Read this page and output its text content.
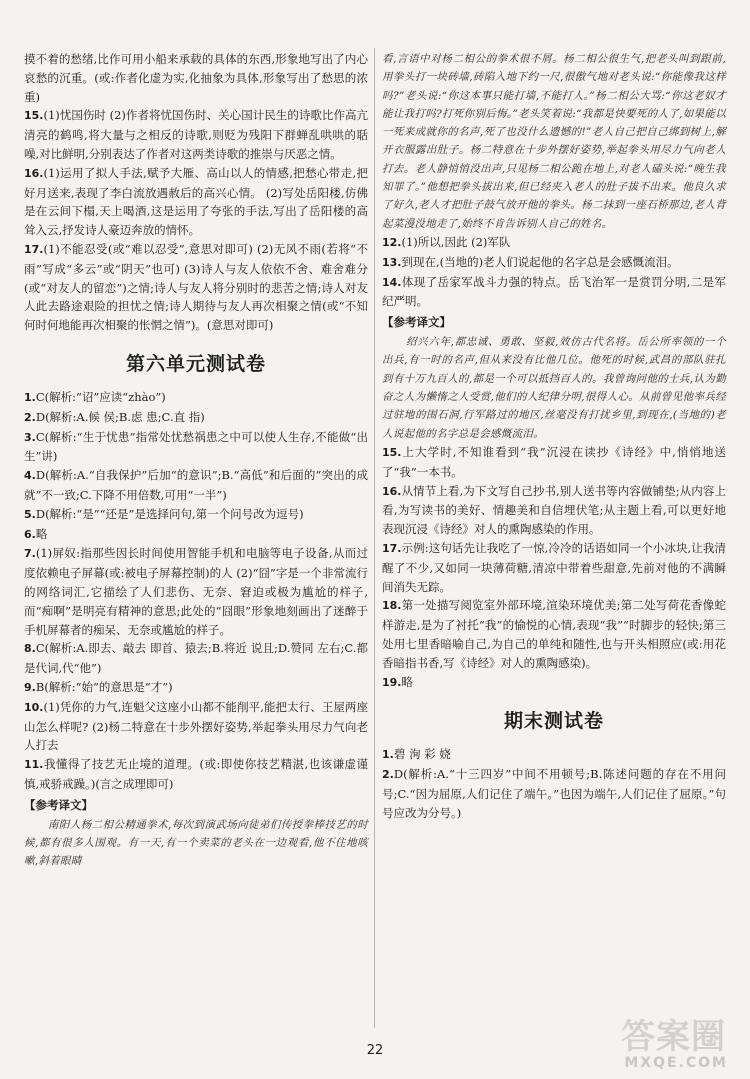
摸不着的愁绪,比作可用小船来承载的具体的东西,形象地写出了内心哀愁的沉重。(或:作者化虚为实,化抽象为具体,形象写出了愁思的浓重)

15.(1)忧国伤时 (2)作者将忧国伤时、关心国计民生的诗歌比作高亢清亮的鹤鸣,将大量与之相反的诗歌,则贬为残阳下群蝉乱哄哄的聒噪,对比鲜明,分别表达了作者对这两类诗歌的推崇与厌恶之情。

16.(1)运用了拟人手法,赋予大雁、高山以人的情感,把愁心带走,把好月送来,表现了李白流放遇赦后的高兴心情。 (2)写处岳阳楼,仿佛是在云间下榻,天上喝酒,这是运用了夸张的手法,写出了岳阳楼的高耸入云,抒发诗人豪迈奔放的情怀。

17.(1)不能忍受(或“难以忍受”,意思对即可) (2)无风不雨(若将“不雨”写成“多云”或“阴天”也可) (3)诗人与友人依依不舍、难舍难分(或“对友人的留恋”)之情;诗人与友人将分别时的悲苦之情;诗人对友人此去路途艰险的担忧之情;诗人期待与友人再次相聚之情(或“不知何时何地能再次相聚的怅惘之情”)。(意思对即可)

第六单元测试卷

1.C(解析:“诏”应读“zhào”)

2.D(解析:A.候 侯;B.虑 患;C.直 指)

3.C(解析:“生于忧患”指常处忧愁祸患之中可以使人生存,不能做“出生”讲)

4.D(解析:A.“自我保护”后加“的意识”;B.“高低”和后面的“突出的成就”不一致;C.下降不用倍数,可用“一半”)

5.D(解析:“是”“还是”是选择问句,第一个问号改为逗号)

6.略

7.(1)屏奴:指那些因长时间使用智能手机和电脑等电子设备,从而过度依赖电子屏幕(或:被电子屏幕控制)的人 (2)“囧”字是一个非常流行的网络词汇,它描绘了人们悲伤、无奈、窘迫或极为尴尬的样子,而“痴啊”是明亮有精神的意思;此处的“囧眼”形象地刻画出了迷醉于手机屏幕者的痴呆、无奈或尴尬的样子。

8.C(解析:A.即去、敲去 即首、猿去;B.将近 说且;D.赞同 左右;C.都是代词,代“他”)

9.B(解析:“始”的意思是“才”)

10.(1)凭你的力气,连魁父这座小山都不能削平,能把太行、王屋两座山怎么样呢? (2)杨二特意在十步外摆好姿势,举起拳头用尽力气向老人打去

11.我懂得了技艺无止境的道理。(或:即使你技艺精湛,也该谦虚谨慎,戒骄戒躁。)(言之成理即可)

【参考译文】

南阳人杨二相公精通拳术,每次到演武场向徒弟们传授拳棒技艺的时候,都有很多人围观。有一天,有一个卖菜的老头在一边观看,他不住地咳嗽,斜着眼睛

看,言语中对杨二相公的拳术很不屑。杨二相公很生气,把老头叫到跟前,用拳头打一块砖墙,砖陷入地下约一尺,很傲气地对老头说:“你能像我这样吗?”老头说:“你这本事只能打墙,不能打人。”杨二相公大骂:“你这老奴才能让我打吗?打死你别后悔。”老头笑着说:“我都是快要死的人了,如果能以一死来成就你的名声,死了也没什么遗憾的!”老人自己把自己绑到树上,解开衣服露出肚子。杨二特意在十步外摆好姿势,举起拳头用尽力气向老人打去。老人静悄悄没出声,只见杨二相公跪在地上,对老人磕头说:“晚生我知罪了。”他想把拳头拔出来,但已经夹入老人的肚子拔不出来。他良久求了好久,老人才把肚子鼓气放开他的拳头。杨二抹到一座石桥那边,老人背起菜漫没地走了,始终不肯告诉别人自己的姓名。

12.(1)所以,因此 (2)军队

13.到现在,(当地的)老人们说起他的名字总是会感慨流泪。

14.体现了岳家军战斗力强的特点。岳飞治军一是赏罚分明,二是军纪严明。

【参考译文】

绍兴六年,都忠诚、勇敢、坚毅,效仿古代名将。岳公所率领的一个出兵,有一时的名声,但从来没有比他几位。他死的时候,武昌的部队驻扎到有十万九百人的,都是一个可以抵挡百人的。我曾询问他的士兵,认为勤奋之人为懒惰之人受赏,他们的人纪律分明,很得人心。从前曾见他率兵经过驻地的围石洞,行军路过的地区,丝毫没有打扰乡里,到现在,(当地的)老人说起他的名字总是会感慨流泪。

15.上大学时,不知谁看到“我”沉浸在读抄《诗经》中,悄悄地送了“我”一本书。

16.从情节上看,为下文写自己抄书,别人送书等内容做铺垫;从内容上看,为写读书的美好、情趣美和自信埋伏笔;从主题上看,可以更好地表现沉浸《诗经》对人的熏陶感染的作用。

17.示例:这句话先让我吃了一惊,冷冷的话语如同一个小冰块,让我清醒了不少,又如同一块薄荷糖,清凉中带着些甜意,先前对他的不满瞬间消失无踪。

18.第一处描写阅览室外部环境,渲染环境优美;第二处写荷花香像蛇样游走,是为了衬托“我”的愉悦的心情,表现“我”“时脚步的轻快;第三处用七里香暗喻自己,为自己的单纯和随性,也与开头相照应(或:用花香暗指书香,写《诗经》对人的熏陶感染)。

19.略

期末测试卷

1.碧 洵 彩 娆

2.D(解析:A.“十三四岁”中间不用顿号;B.陈述问题的存在不用问号;C.“因为屈原,人们记住了端午。”也因为端午,人们记住了屈原。”句号应改为分号。)

22	答案圈
MXQE.COM
